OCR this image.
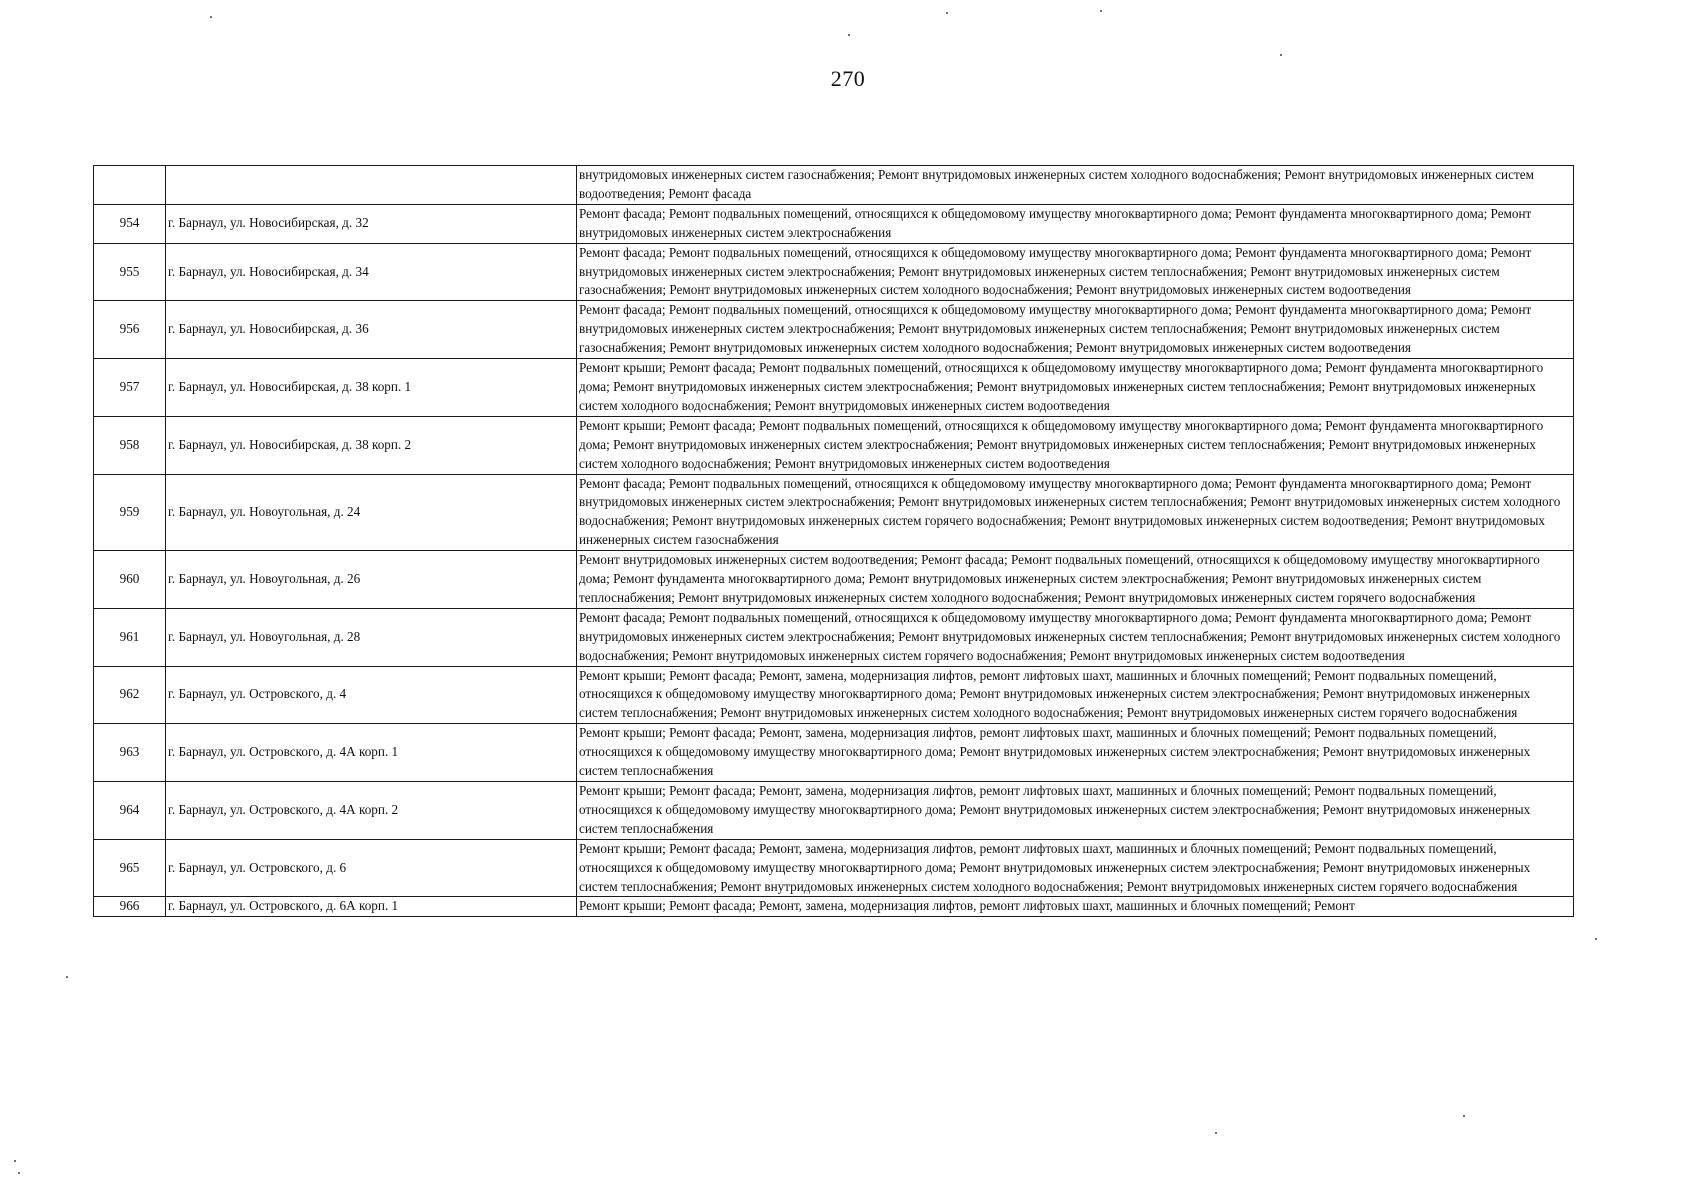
270
		внутридомовых инженерных систем газоснабжения; Ремонт внутридомовых инженерных систем холодного водоснабжения; Ремонт внутридомовых инженерных систем водоотведения; Ремонт фасада
954	г. Барнаул, ул. Новосибирская, д. 32	Ремонт фасада; Ремонт подвальных помещений, относящихся к общедомовому имуществу многоквартирного дома; Ремонт фундамента многоквартирного дома; Ремонт внутридомовых инженерных систем электроснабжения
955	г. Барнаул, ул. Новосибирская, д. 34	Ремонт фасада; Ремонт подвальных помещений, относящихся к общедомовому имуществу многоквартирного дома; Ремонт фундамента многоквартирного дома; Ремонт внутридомовых инженерных систем электроснабжения; Ремонт внутридомовых инженерных систем теплоснабжения; Ремонт внутридомовых инженерных систем газоснабжения; Ремонт внутридомовых инженерных систем холодного водоснабжения; Ремонт внутридомовых инженерных систем водоотведения
956	г. Барнаул, ул. Новосибирская, д. 36	Ремонт фасада; Ремонт подвальных помещений, относящихся к общедомовому имуществу многоквартирного дома; Ремонт фундамента многоквартирного дома; Ремонт внутридомовых инженерных систем электроснабжения; Ремонт внутридомовых инженерных систем теплоснабжения; Ремонт внутридомовых инженерных систем газоснабжения; Ремонт внутридомовых инженерных систем холодного водоснабжения; Ремонт внутридомовых инженерных систем водоотведения
957	г. Барнаул, ул. Новосибирская, д. 38 корп. 1	Ремонт крыши; Ремонт фасада; Ремонт подвальных помещений, относящихся к общедомовому имуществу многоквартирного дома; Ремонт фундамента многоквартирного дома; Ремонт внутридомовых инженерных систем электроснабжения; Ремонт внутридомовых инженерных систем теплоснабжения; Ремонт внутридомовых инженерных систем холодного водоснабжения; Ремонт внутридомовых инженерных систем водоотведения
958	г. Барнаул, ул. Новосибирская, д. 38 корп. 2	Ремонт крыши; Ремонт фасада; Ремонт подвальных помещений, относящихся к общедомовому имуществу многоквартирного дома; Ремонт фундамента многоквартирного дома; Ремонт внутридомовых инженерных систем электроснабжения; Ремонт внутридомовых инженерных систем теплоснабжения; Ремонт внутридомовых инженерных систем холодного водоснабжения; Ремонт внутридомовых инженерных систем водоотведения
959	г. Барнаул, ул. Новоугольная, д. 24	Ремонт фасада; Ремонт подвальных помещений, относящихся к общедомовому имуществу многоквартирного дома; Ремонт фундамента многоквартирного дома; Ремонт внутридомовых инженерных систем электроснабжения; Ремонт внутридомовых инженерных систем теплоснабжения; Ремонт внутридомовых инженерных систем холодного водоснабжения; Ремонт внутридомовых инженерных систем горячего водоснабжения; Ремонт внутридомовых инженерных систем водоотведения; Ремонт внутридомовых инженерных систем газоснабжения
960	г. Барнаул, ул. Новоугольная, д. 26	Ремонт внутридомовых инженерных систем водоотведения; Ремонт фасада; Ремонт подвальных помещений, относящихся к общедомовому имуществу многоквартирного дома; Ремонт фундамента многоквартирного дома; Ремонт внутридомовых инженерных систем электроснабжения; Ремонт внутридомовых инженерных систем теплоснабжения; Ремонт внутридомовых инженерных систем холодного водоснабжения; Ремонт внутридомовых инженерных систем горячего водоснабжения
961	г. Барнаул, ул. Новоугольная, д. 28	Ремонт фасада; Ремонт подвальных помещений, относящихся к общедомовому имуществу многоквартирного дома; Ремонт фундамента многоквартирного дома; Ремонт внутридомовых инженерных систем электроснабжения; Ремонт внутридомовых инженерных систем теплоснабжения; Ремонт внутридомовых инженерных систем холодного водоснабжения; Ремонт внутридомовых инженерных систем горячего водоснабжения; Ремонт внутридомовых инженерных систем водоотведения
962	г. Барнаул, ул. Островского, д. 4	Ремонт крыши; Ремонт фасада; Ремонт, замена, модернизация лифтов, ремонт лифтовых шахт, машинных и блочных помещений; Ремонт подвальных помещений, относящихся к общедомовому имуществу многоквартирного дома; Ремонт внутридомовых инженерных систем электроснабжения; Ремонт внутридомовых инженерных систем теплоснабжения; Ремонт внутридомовых инженерных систем холодного водоснабжения; Ремонт внутридомовых инженерных систем горячего водоснабжения
963	г. Барнаул, ул. Островского, д. 4А корп. 1	Ремонт крыши; Ремонт фасада; Ремонт, замена, модернизация лифтов, ремонт лифтовых шахт, машинных и блочных помещений; Ремонт подвальных помещений, относящихся к общедомовому имуществу многоквартирного дома; Ремонт внутридомовых инженерных систем электроснабжения; Ремонт внутридомовых инженерных систем теплоснабжения
964	г. Барнаул, ул. Островского, д. 4А корп. 2	Ремонт крыши; Ремонт фасада; Ремонт, замена, модернизация лифтов, ремонт лифтовых шахт, машинных и блочных помещений; Ремонт подвальных помещений, относящихся к общедомовому имуществу многоквартирного дома; Ремонт внутридомовых инженерных систем электроснабжения; Ремонт внутридомовых инженерных систем теплоснабжения
965	г. Барнаул, ул. Островского, д. 6	Ремонт крыши; Ремонт фасада; Ремонт, замена, модернизация лифтов, ремонт лифтовых шахт, машинных и блочных помещений; Ремонт подвальных помещений, относящихся к общедомовому имуществу многоквартирного дома; Ремонт внутридомовых инженерных систем электроснабжения; Ремонт внутридомовых инженерных систем теплоснабжения; Ремонт внутридомовых инженерных систем холодного водоснабжения; Ремонт внутридомовых инженерных систем горячего водоснабжения
966	г. Барнаул, ул. Островского, д. 6А корп. 1	Ремонт крыши; Ремонт фасада; Ремонт, замена, модернизация лифтов, ремонт лифтовых шахт, машинных и блочных помещений; Ремонт
